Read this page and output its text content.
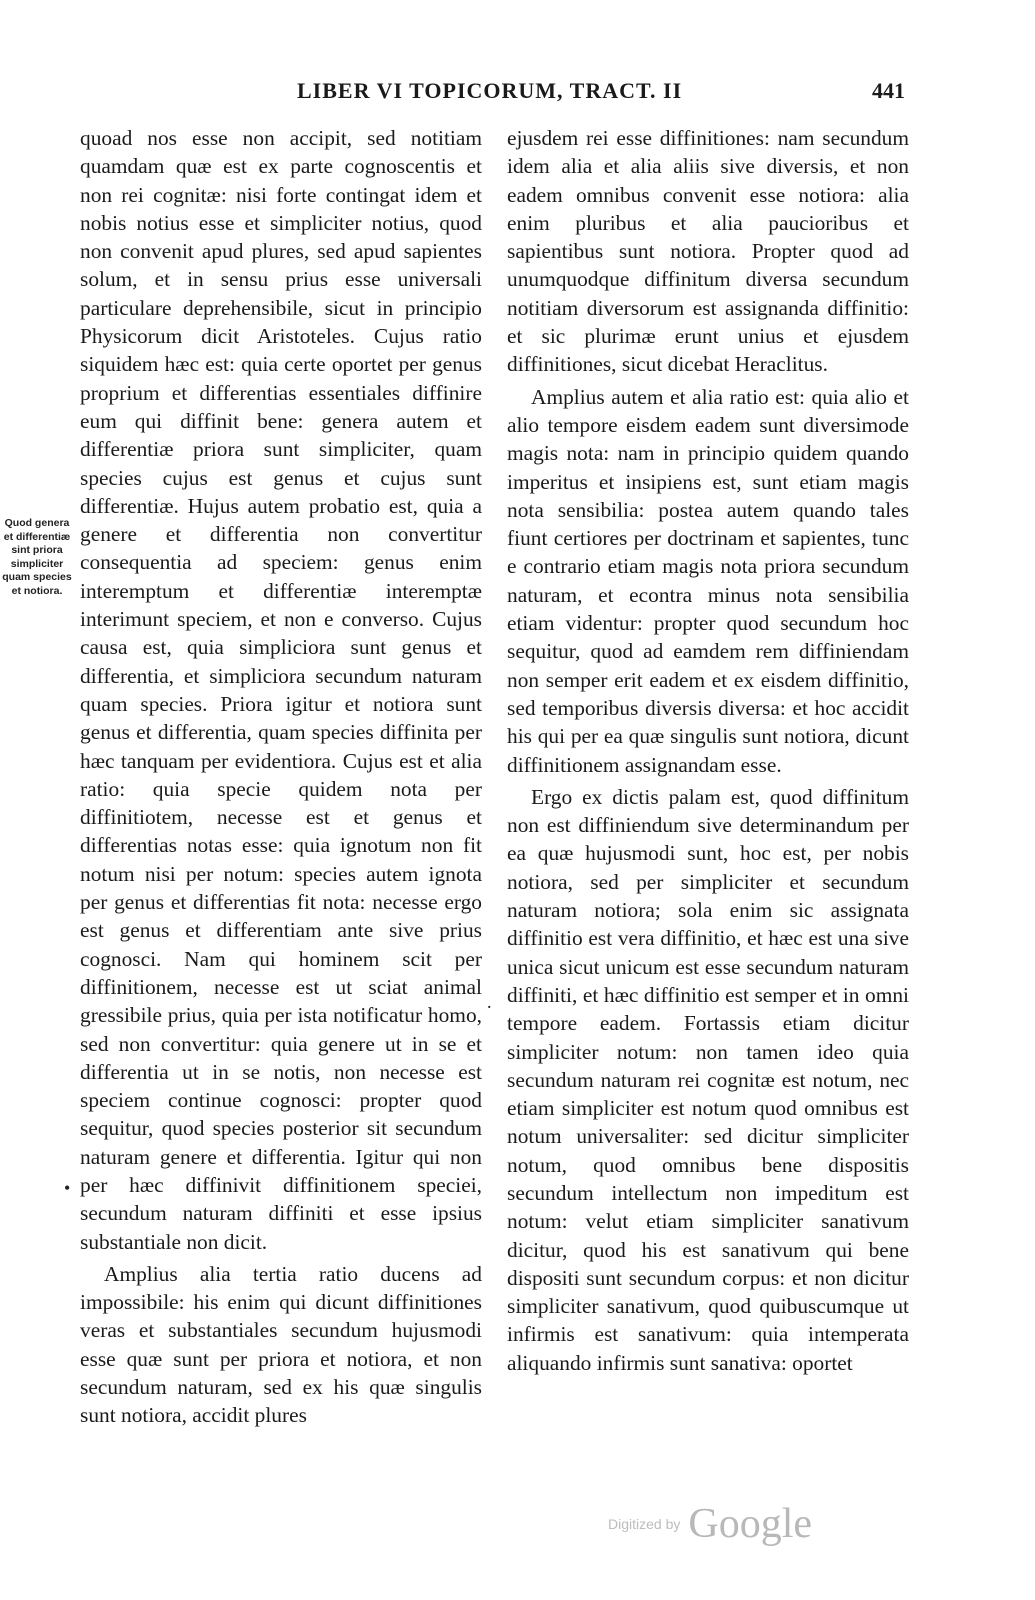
LIBER VI TOPICORUM, TRACT. II	441
Quod genera et differentiæ sint priora simpliciter quam species et notiora.

quoad nos esse non accipit, sed notitiam quamdam quæ est ex parte cognoscentis et non rei cognitæ: nisi forte contingat idem et nobis notius esse et simpliciter notius, quod non convenit apud plures, sed apud sapientes solum, et in sensu prius esse universali particulare deprehensibile, sicut in principio Physicorum dicit Aristoteles. Cujus ratio siquidem hæc est: quia certe oportet per genus proprium et differentias essentiales diffinire eum qui diffinit bene: genera autem et differentiæ priora sunt simpliciter, quam species cujus est genus et cujus sunt differentiæ. Hujus autem probatio est, quia a genere et differentia non convertitur consequentia ad speciem: genus enim interemptum et differentiæ interemptæ interimunt speciem, et non e converso. Cujus causa est, quia simpliciora sunt genus et differentia, et simpliciora secundum naturam quam species. Priora igitur et notiora sunt genus et differentia, quam species diffinita per hæc tanquam per evidentiora. Cujus est et alia ratio: quia specie quidem nota per diffinitiotem, necesse est et genus et differentias notas esse: quia ignotum non fit notum nisi per notum: species autem ignota per genus et differentias fit nota: necesse ergo est genus et differentiam ante sive prius cognosci. Nam qui hominem scit per diffinitionem, necesse est ut sciat animal gressibile prius, quia per ista notificatur homo, sed non convertitur: quia genere ut in se et differentia ut in se notis, non necesse est speciem continue cognosci: propter quod sequitur, quod species posterior sit secundum naturam genere et differentia. Igitur qui non per hæc diffinivit diffinitionem speciei, secundum naturam diffiniti et esse ipsius substantiale non dicit.

Amplius alia tertia ratio ducens ad impossibile: his enim qui dicunt diffinitiones veras et substantiales secundum hujusmodi esse quæ sunt per priora et notiora, et non secundum naturam, sed ex his quæ singulis sunt notiora, accidit plures

ejusdem rei esse diffinitiones: nam secundum idem alia et alia aliis sive diversis, et non eadem omnibus convenit esse notiora: alia enim pluribus et alia paucioribus et sapientibus sunt notiora. Propter quod ad unumquodque diffinitum diversa secundum notitiam diversorum est assignanda diffinitio: et sic plurimæ erunt unius et ejusdem diffinitiones, sicut dicebat Heraclitus.

Amplius autem et alia ratio est: quia alio et alio tempore eisdem eadem sunt diversimode magis nota: nam in principio quidem quando imperitus et insipiens est, sunt etiam magis nota sensibilia: postea autem quando tales fiunt certiores per doctrinam et sapientes, tunc e contrario etiam magis nota priora secundum naturam, et econtra minus nota sensibilia etiam videntur: propter quod secundum hoc sequitur, quod ad eamdem rem diffiniendam non semper erit eadem et ex eisdem diffinitio, sed temporibus diversis diversa: et hoc accidit his qui per ea quæ singulis sunt notiora, dicunt diffinitionem assignandam esse.

Ergo ex dictis palam est, quod diffinitum non est diffiniendum sive determinandum per ea quæ hujusmodi sunt, hoc est, per nobis notiora, sed per simpliciter et secundum naturam notiora; sola enim sic assignata diffinitio est vera diffinitio, et hæc est una sive unica sicut unicum est esse secundum naturam diffiniti, et hæc diffinitio est semper et in omni tempore eadem. Fortassis etiam dicitur simpliciter notum: non tamen ideo quia secundum naturam rei cognitæ est notum, nec etiam simpliciter est notum quod omnibus est notum universaliter: sed dicitur simpliciter notum, quod omnibus bene dispositis secundum intellectum non impeditum est notum: velut etiam simpliciter sanativum dicitur, quod his est sanativum qui bene dispositi sunt secundum corpus: et non dicitur simpliciter sanativum, quod quibuscumque ut infirmis est sanativum: quia intemperata aliquando infirmis sunt sanativa: oportet

•
.
Digitized by Google
